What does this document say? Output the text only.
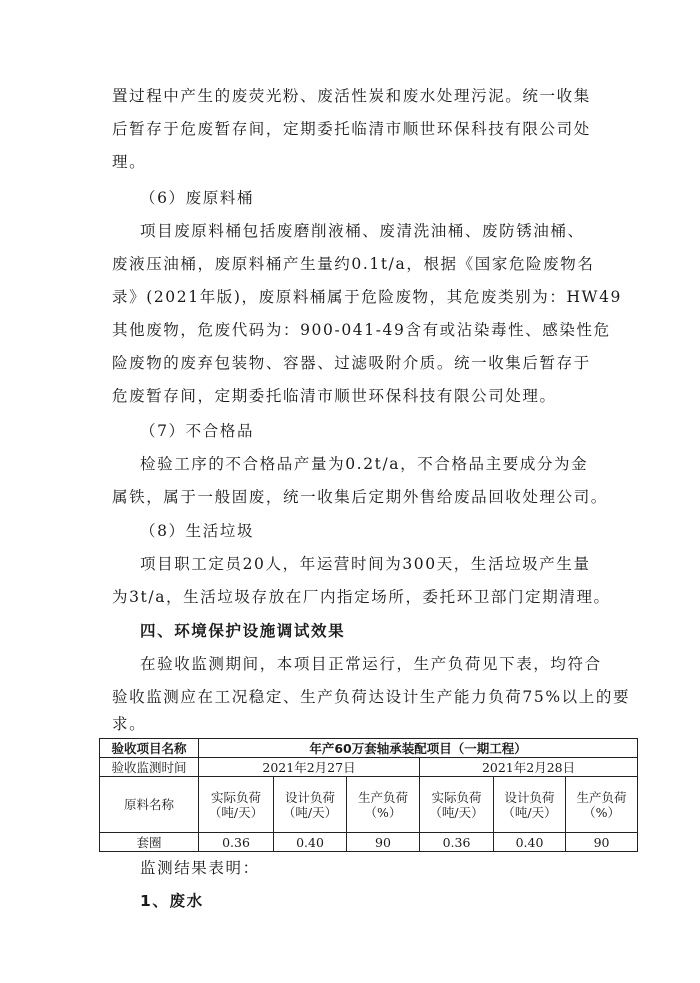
置过程中产生的废荧光粉、废活性炭和废水处理污泥。统一收集
后暂存于危废暂存间，定期委托临清市顺世环保科技有限公司处
理。
（6）废原料桶
项目废原料桶包括废磨削液桶、废清洗油桶、废防锈油桶、
废液压油桶，废原料桶产生量约0.1t/a，根据《国家危险废物名
录》(2021年版)，废原料桶属于危险废物，其危废类别为：HW49
其他废物，危废代码为：900-041-49含有或沾染毒性、感染性危
险废物的废弃包装物、容器、过滤吸附介质。统一收集后暂存于
危废暂存间，定期委托临清市顺世环保科技有限公司处理。
（7）不合格品
检验工序的不合格品产量为0.2t/a，不合格品主要成分为金
属铁，属于一般固废，统一收集后定期外售给废品回收处理公司。
（8）生活垃圾
项目职工定员20人，年运营时间为300天，生活垃圾产生量
为3t/a，生活垃圾存放在厂内指定场所，委托环卫部门定期清理。
四、环境保护设施调试效果
在验收监测期间，本项目正常运行，生产负荷见下表，均符合
验收监测应在工况稳定、生产负荷达设计生产能力负荷75%以上的要
求。
验收项目名称	年产60万套轴承装配项目（一期工程）					
验收监测时间	2021年2月27日			2021年2月28日		
原料名称	实际负荷（吨/天）	设计负荷（吨/天）	生产负荷（%）	实际负荷（吨/天）	设计负荷（吨/天）	生产负荷（%）
套圈	0.36	0.40	90	0.36	0.40	90
监测结果表明：
1、废水
